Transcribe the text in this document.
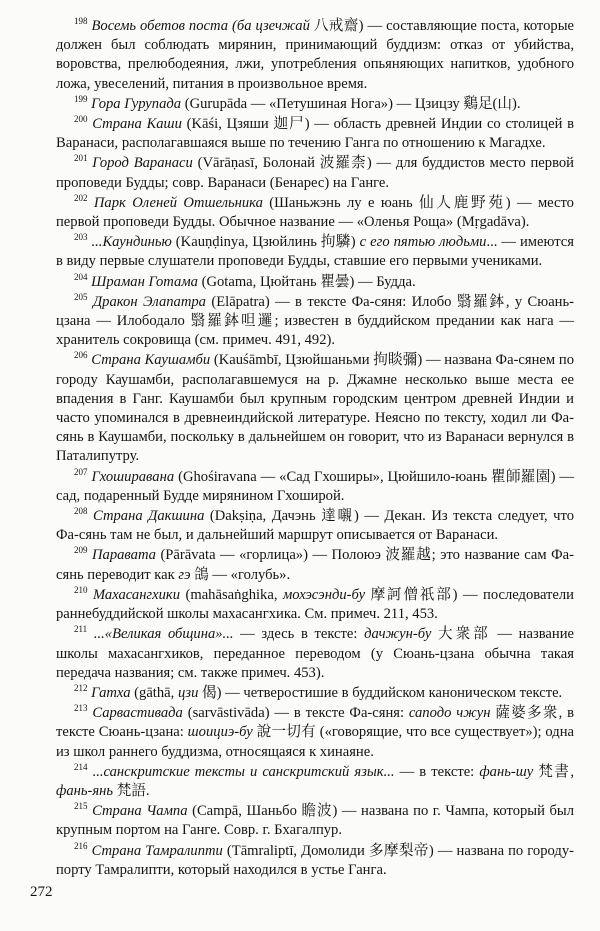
$^{198}$ Восемь обетов поста (ба цзечжай 八戒齋) — составляющие поста, которые должен был соблюдать мирянин, принимающий буддизм: отказ от убийства, воровства, прелюбодеяния, лжи, употребления опьяняющих напитков, удобного ложа, увеселений, питания в произвольное время.

$^{199}$ Гора Гурупада (Gurupāda — «Петушиная Нога») — Цзицзу 鷄足(山).

$^{200}$ Страна Каши (Kāśi, Цзяши 迦尸) — область древней Индии со столицей в Варанаси, располагавшаяся выше по течению Ганга по отношению к Магадхе.

$^{201}$ Город Варанаси (Vārāṇasī, Болонай 波羅柰) — для буддистов место первой проповеди Будды; совр. Варанаси (Бенарес) на Ганге.

$^{202}$ Парк Оленей Отшельника (Шаньжэнь лу е юань 仙人鹿野苑) — место первой проповеди Будды. Обычное название — «Оленья Роща» (Mṛgadāva).

$^{203}$ ...Каундинью (Kauṇḍinya, Цзюйлинь 拘驎) с его пятью людьми... — имеются в виду первые слушатели проповеди Будды, ставшие его первыми учениками.

$^{204}$ Шраман Готама (Gotama, Цюйтань 瞿曇) — Будда.

$^{205}$ Дракон Элапатра (Elāpatra) — в тексте Фа-сяня: Илобо 翳羅鉢, у Сюань-цзана — Илободало 翳羅鉢呾邏; известен в буддийском предании как нага — хранитель сокровища (см. примеч. 491, 492).

$^{206}$ Страна Каушамби (Kauśāmbī, Цзюйшаньми 拘睒彌) — названа Фа-сянем по городу Каушамби, располагавшемуся на р. Джамне несколько выше места ее впадения в Ганг. Каушамби был крупным городским центром древней Индии и часто упоминался в древнеиндийской литературе. Неясно по тексту, ходил ли Фа-сянь в Каушамби, поскольку в дальнейшем он говорит, что из Варанаси вернулся в Паталипутру.

$^{207}$ Гхоширавана (Ghośiravana — «Сад Гхоширы», Цюйшило-юань 瞿師羅園) — сад, подаренный Будде мирянином Гхоширой.

$^{208}$ Страна Дакшина (Dakṣiṇa, Дачэнь 達嚫) — Декан. Из текста следует, что Фа-сянь там не был, и дальнейший маршрут описывается от Варанаси.

$^{209}$ Паравата (Pārāvata — «горлица») — Полоюэ 波羅越; это название сам Фа-сянь переводит как гэ 鴿 — «голубь».

$^{210}$ Махасангхики (mahāsaṅghika, мохэсэнди-бу 摩訶僧祇部) — последователи раннебуддийской школы махасангхика. См. примеч. 211, 453.

$^{211}$ ...«Великая община»... — здесь в тексте: дачжун-бу 大衆部 — название школы махасангхиков, переданное переводом (у Сюань-цзана обычна такая передача названия; см. также примеч. 453).

$^{212}$ Гатха (gāthā, цзи 偈) — четверостишие в буддийском каноническом тексте.

$^{213}$ Сарвастивада (sarvāstivāda) — в тексте Фа-сяня: саподо чжун 薩婆多衆, в тексте Сюань-цзана: шоициэ-бу 說一切有 («говорящие, что все существует»); одна из школ раннего буддизма, относящаяся к хинаяне.

$^{214}$ ...санскритские тексты и санскритский язык... — в тексте: фань-шу 梵書, фань-янь 梵語.

$^{215}$ Страна Чампа (Campā, Шаньбо 瞻波) — названа по г. Чампа, который был крупным портом на Ганге. Совр. г. Бхагалпур.

$^{216}$ Страна Тамралипти (Tāmraliptī, Домолиди 多摩梨帝) — названа по городу-порту Тамралипти, который находился в устье Ганга.

272
